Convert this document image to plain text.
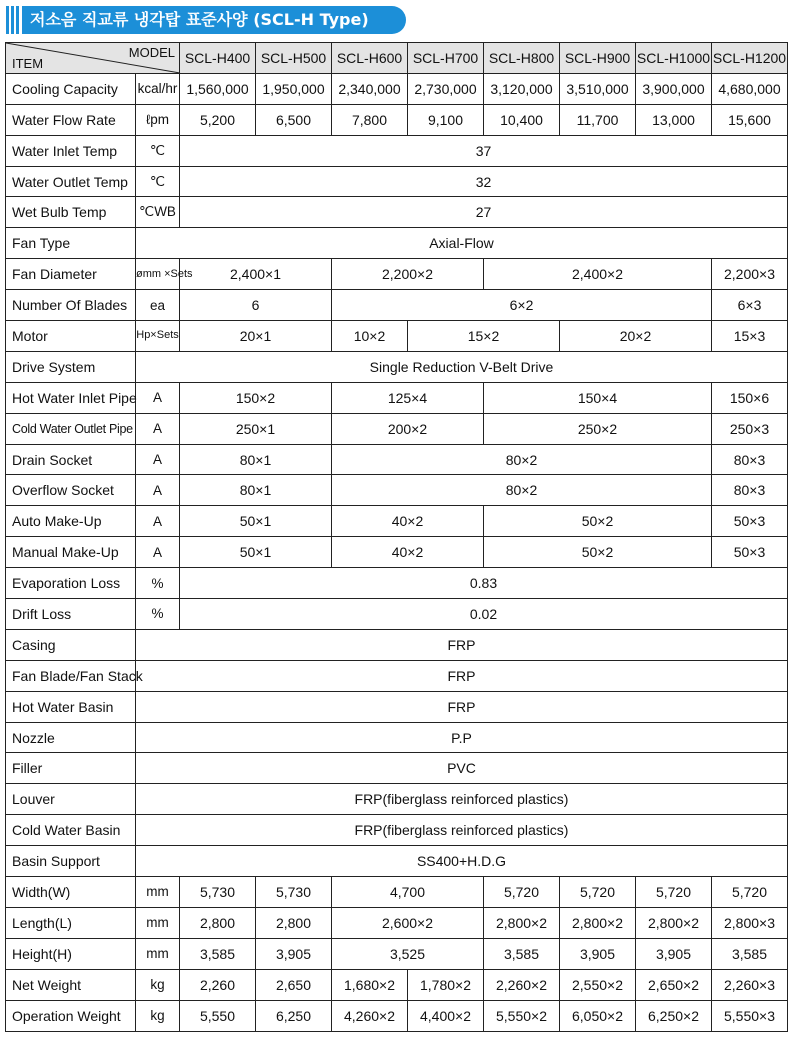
저소음 직교류 냉각탑 표준사양 (SCL-H Type)
MODEL
ITEM		SCL-H400	SCL-H500	SCL-H600	SCL-H700	SCL-H800	SCL-H900	SCL-H1000	SCL-H1200
Cooling Capacity	kcal/hr	1,560,000	1,950,000	2,340,000	2,730,000	3,120,000	3,510,000	3,900,000	4,680,000
Water Flow Rate	ℓpm	5,200	6,500	7,800	9,100	10,400	11,700	13,000	15,600
Water Inlet Temp	℃	37							
Water Outlet Temp	℃	32							
Wet Bulb Temp	℃WB	27							
Fan Type	Axial-Flow								
Fan Diameter	ømm ×Sets	2,400×1		2,200×2		2,400×2			2,200×3
Number Of Blades	ea	6		6×2					6×3
Motor	Hp×Sets	20×1		10×2	15×2		20×2		15×3
Drive System	Single Reduction V-Belt Drive								
Hot Water Inlet Pipe	A	150×2		125×4		150×4			150×6
Cold Water Outlet Pipe	A	250×1		200×2		250×2			250×3
Drain Socket	A	80×1		80×2					80×3
Overflow Socket	A	80×1		80×2					80×3
Auto Make-Up	A	50×1		40×2		50×2			50×3
Manual Make-Up	A	50×1		40×2		50×2			50×3
Evaporation Loss	%	0.83							
Drift Loss	%	0.02							
Casing	FRP								
Fan Blade/Fan Stack	FRP								
Hot Water Basin	FRP								
Nozzle	P.P								
Filler	PVC								
Louver	FRP(fiberglass reinforced plastics)								
Cold Water Basin	FRP(fiberglass reinforced plastics)								
Basin Support	SS400+H.D.G								
Width(W)	mm	5,730	5,730	4,700		5,720	5,720	5,720	5,720
Length(L)	mm	2,800	2,800	2,600×2		2,800×2	2,800×2	2,800×2	2,800×3
Height(H)	mm	3,585	3,905	3,525		3,585	3,905	3,905	3,585
Net Weight	kg	2,260	2,650	1,680×2	1,780×2	2,260×2	2,550×2	2,650×2	2,260×3
Operation Weight	kg	5,550	6,250	4,260×2	4,400×2	5,550×2	6,050×2	6,250×2	5,550×3
